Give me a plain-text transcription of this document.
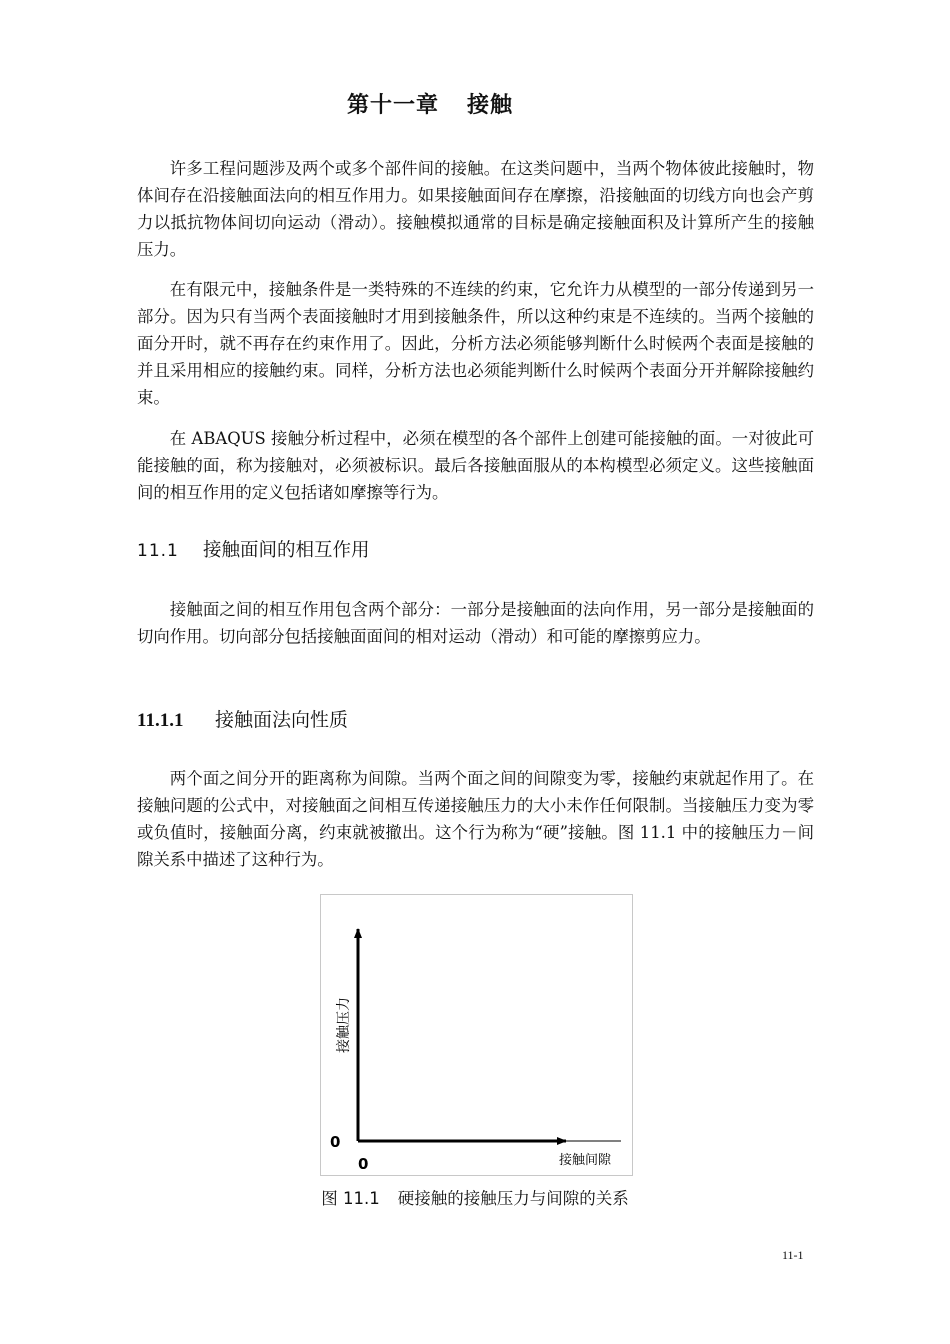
第十一章 接触

许多工程问题涉及两个或多个部件间的接触。在这类问题中，当两个物体彼此接触时，物体间存在沿接触面法向的相互作用力。如果接触面间存在摩擦，沿接触面的切线方向也会产剪力以抵抗物体间切向运动（滑动）。接触模拟通常的目标是确定接触面积及计算所产生的接触压力。

在有限元中，接触条件是一类特殊的不连续的约束，它允许力从模型的一部分传递到另一部分。因为只有当两个表面接触时才用到接触条件，所以这种约束是不连续的。当两个接触的面分开时，就不再存在约束作用了。因此，分析方法必须能够判断什么时候两个表面是接触的并且采用相应的接触约束。同样，分析方法也必须能判断什么时候两个表面分开并解除接触约束。

在 ABAQUS 接触分析过程中，必须在模型的各个部件上创建可能接触的面。一对彼此可能接触的面，称为接触对，必须被标识。最后各接触面服从的本构模型必须定义。这些接触面间的相互作用的定义包括诸如摩擦等行为。

11.1 接触面间的相互作用

接触面之间的相互作用包含两个部分：一部分是接触面的法向作用，另一部分是接触面的切向作用。切向部分包括接触面面间的相对运动（滑动）和可能的摩擦剪应力。

11.1.1 接触面法向性质

两个面之间分开的距离称为间隙。当两个面之间的间隙变为零，接触约束就起作用了。在接触问题的公式中，对接触面之间相互传递接触压力的大小未作任何限制。当接触压力变为零或负值时，接触面分离，约束就被撤出。这个行为称为“硬”接触。图 11.1 中的接触压力－间隙关系中描述了这种行为。

接触压力
0
0	接触间隙
图 11.1 硬接触的接触压力与间隙的关系
11-1
